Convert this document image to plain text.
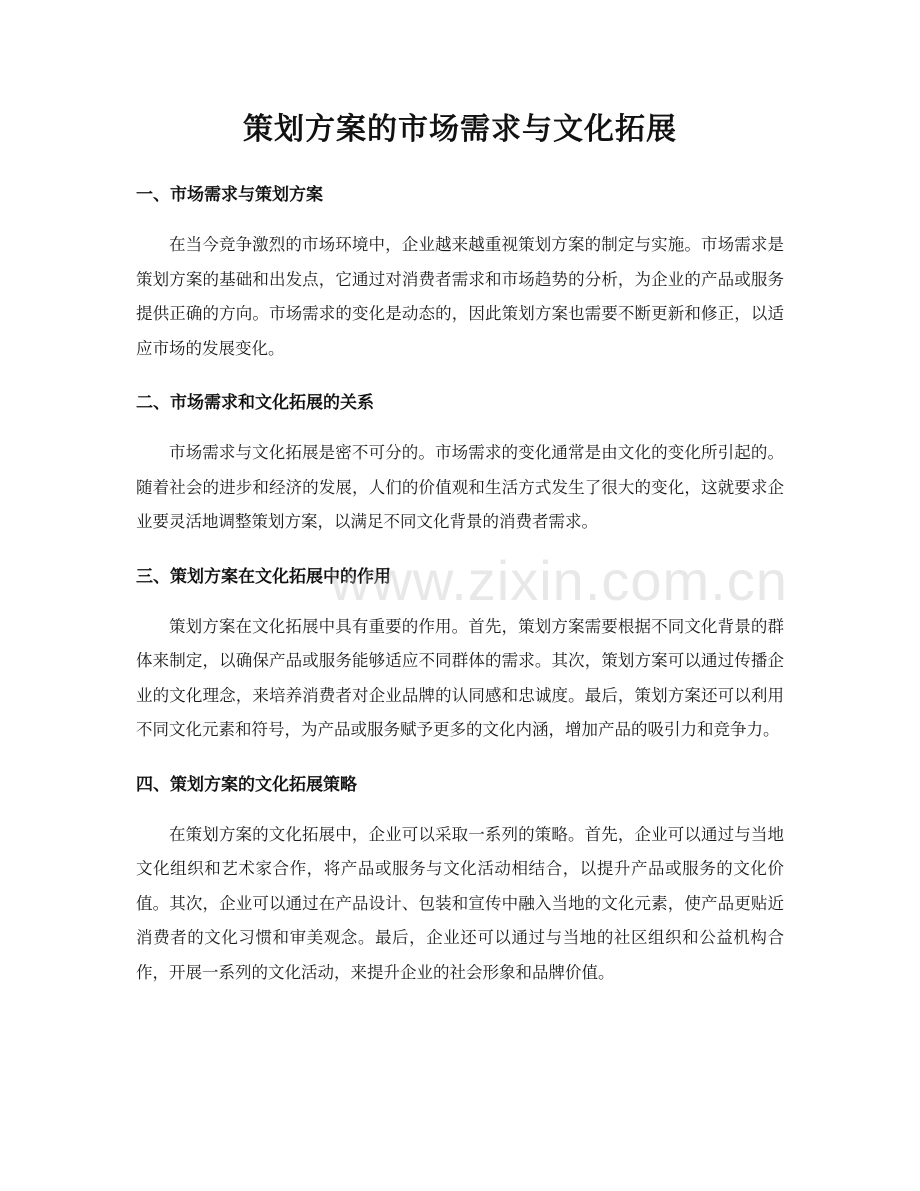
策划方案的市场需求与文化拓展
一、市场需求与策划方案

在当今竞争激烈的市场环境中，企业越来越重视策划方案的制定与实施。市场需求是策划方案的基础和出发点，它通过对消费者需求和市场趋势的分析，为企业的产品或服务提供正确的方向。市场需求的变化是动态的，因此策划方案也需要不断更新和修正，以适应市场的发展变化。

二、市场需求和文化拓展的关系

市场需求与文化拓展是密不可分的。市场需求的变化通常是由文化的变化所引起的。随着社会的进步和经济的发展，人们的价值观和生活方式发生了很大的变化，这就要求企业要灵活地调整策划方案，以满足不同文化背景的消费者需求。

三、策划方案在文化拓展中的作用

策划方案在文化拓展中具有重要的作用。首先，策划方案需要根据不同文化背景的群体来制定，以确保产品或服务能够适应不同群体的需求。其次，策划方案可以通过传播企业的文化理念，来培养消费者对企业品牌的认同感和忠诚度。最后，策划方案还可以利用不同文化元素和符号，为产品或服务赋予更多的文化内涵，增加产品的吸引力和竞争力。

四、策划方案的文化拓展策略

在策划方案的文化拓展中，企业可以采取一系列的策略。首先，企业可以通过与当地文化组织和艺术家合作，将产品或服务与文化活动相结合，以提升产品或服务的文化价值。其次，企业可以通过在产品设计、包装和宣传中融入当地的文化元素，使产品更贴近消费者的文化习惯和审美观念。最后，企业还可以通过与当地的社区组织和公益机构合作，开展一系列的文化活动，来提升企业的社会形象和品牌价值。

www.zixin.com.cn
